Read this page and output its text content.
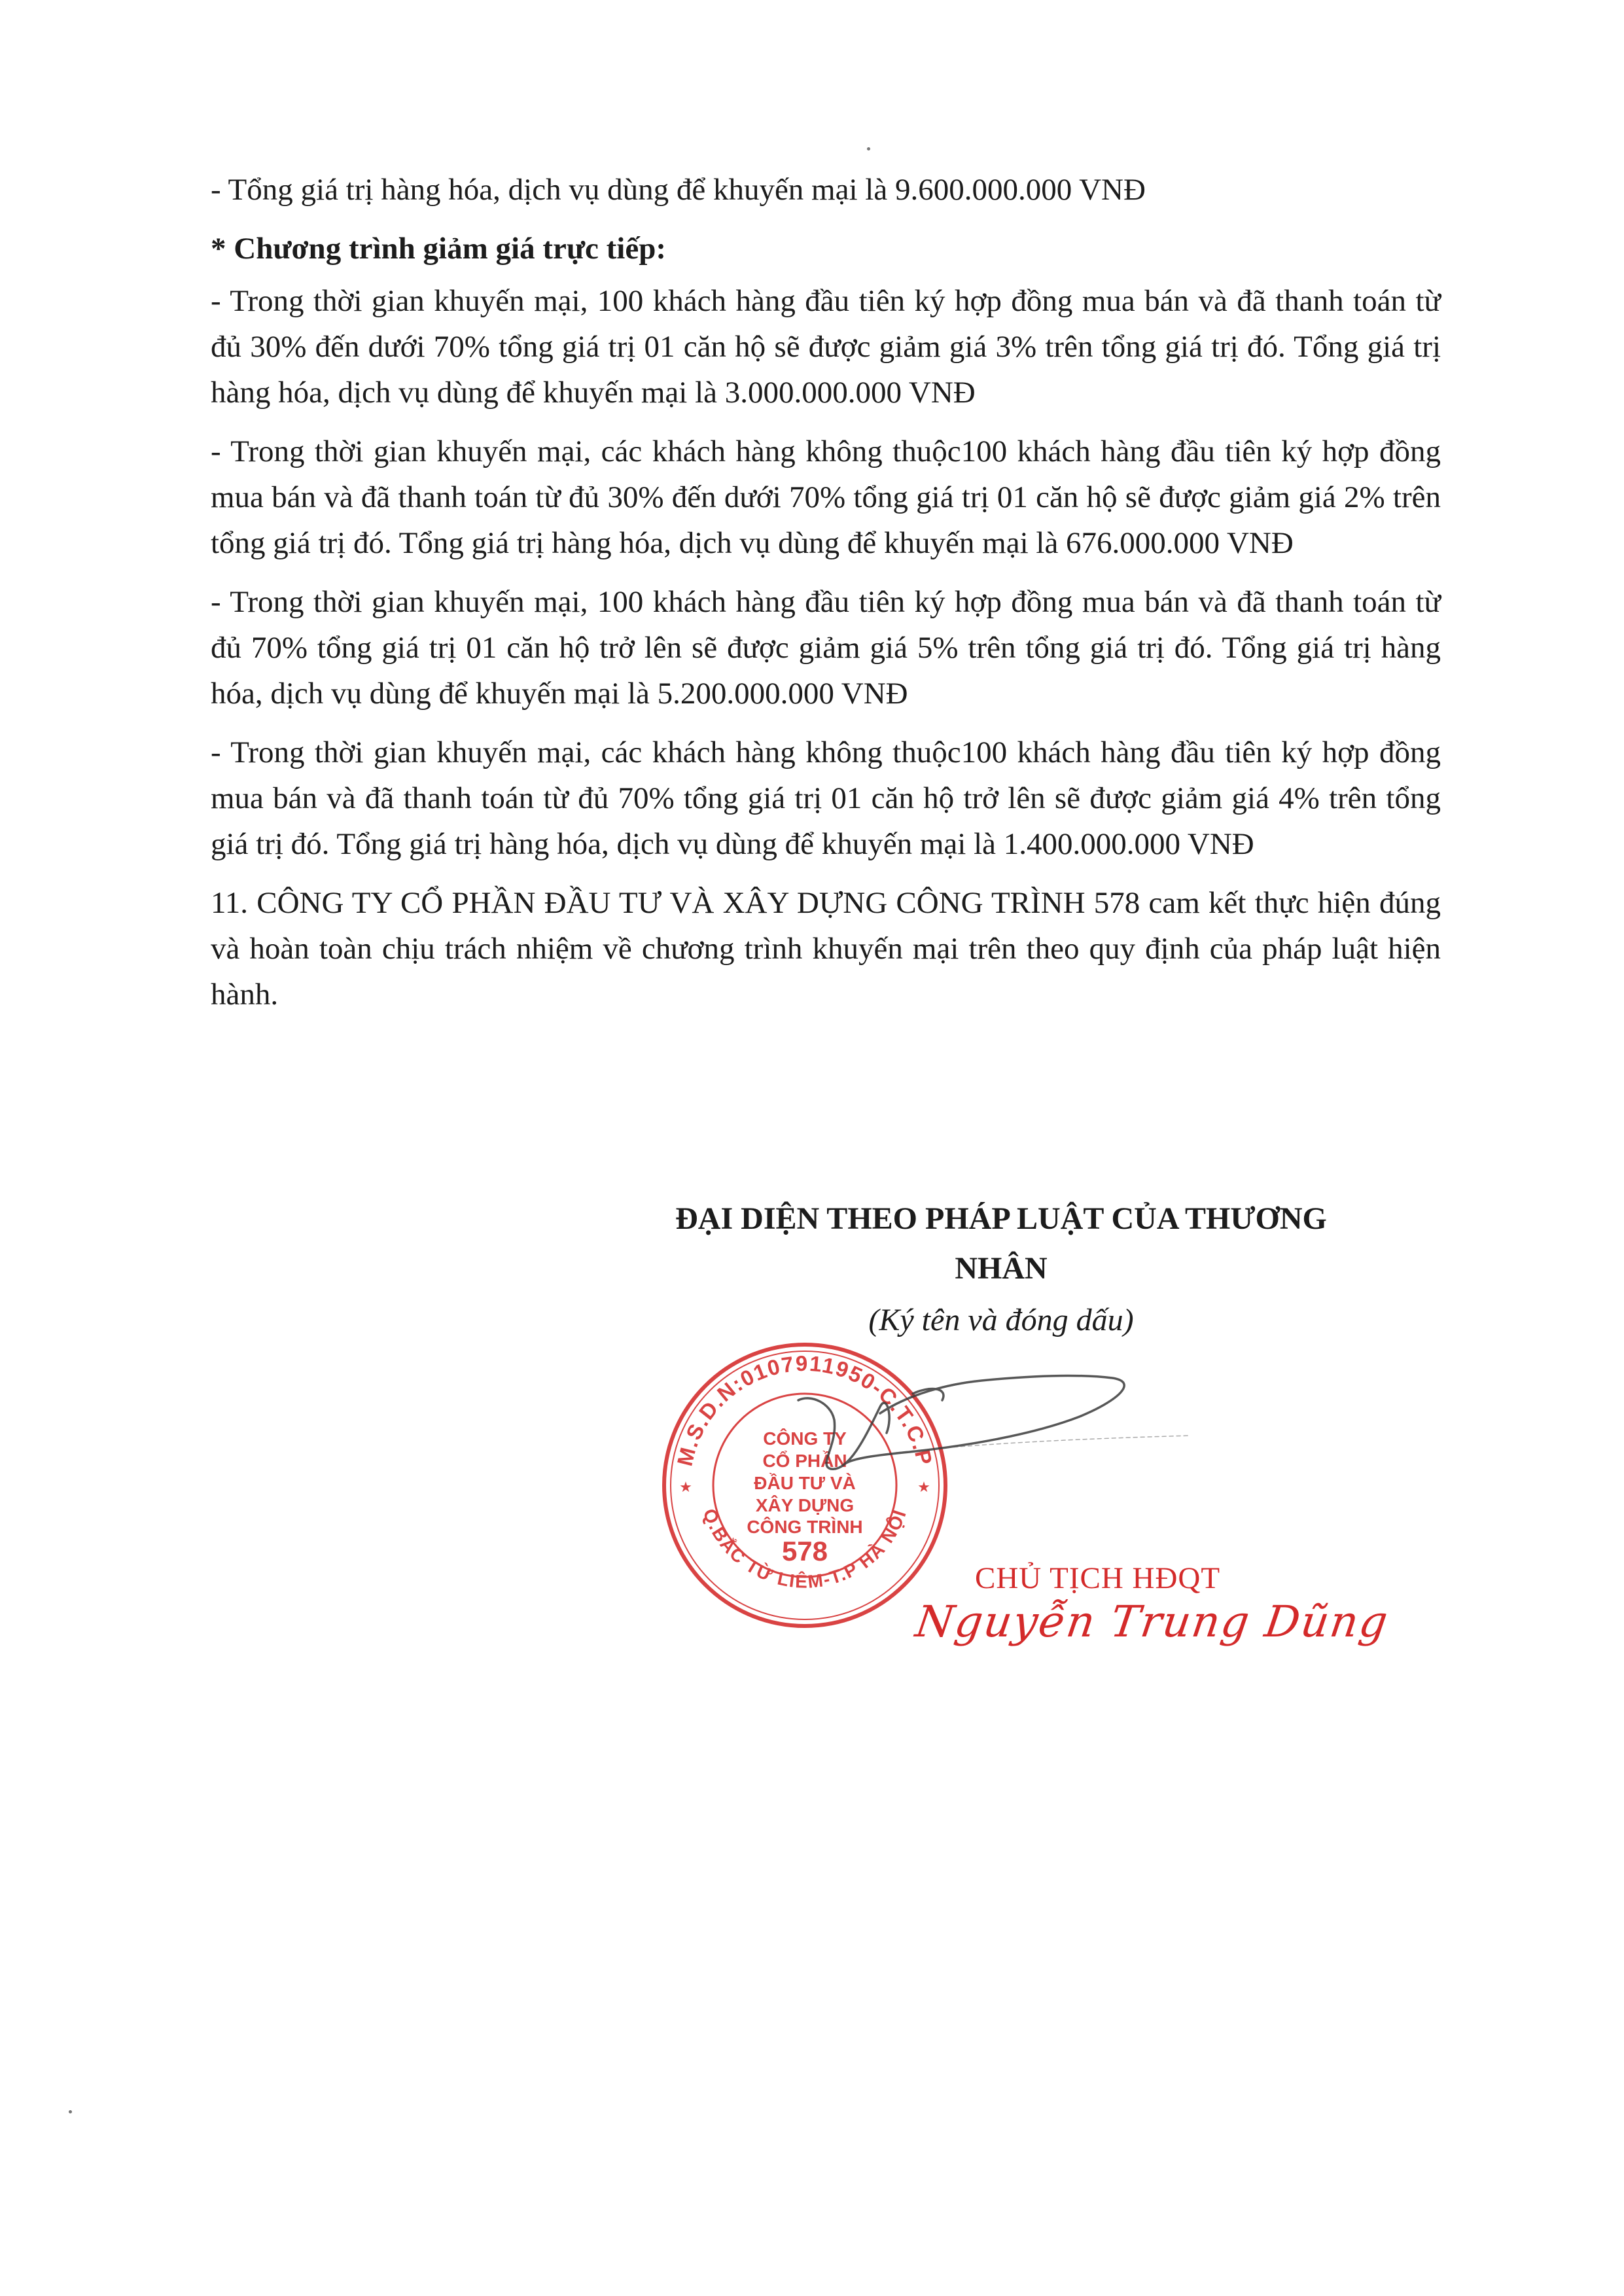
- Tổng giá trị hàng hóa, dịch vụ dùng để khuyến mại là 9.600.000.000 VNĐ

* Chương trình giảm giá trực tiếp:

- Trong thời gian khuyến mại, 100 khách hàng đầu tiên ký hợp đồng mua bán và đã thanh toán từ đủ 30% đến dưới 70% tổng giá trị 01 căn hộ sẽ được giảm giá 3% trên tổng giá trị đó. Tổng giá trị hàng hóa, dịch vụ dùng để khuyến mại là 3.000.000.000 VNĐ

- Trong thời gian khuyến mại, các khách hàng không thuộc100 khách hàng đầu tiên ký hợp đồng mua bán và đã thanh toán từ đủ 30% đến dưới 70% tổng giá trị 01 căn hộ sẽ được giảm giá 2% trên tổng giá trị đó. Tổng giá trị hàng hóa, dịch vụ dùng để khuyến mại là 676.000.000 VNĐ

- Trong thời gian khuyến mại, 100 khách hàng đầu tiên ký hợp đồng mua bán và đã thanh toán từ đủ 70% tổng giá trị 01 căn hộ trở lên sẽ được giảm giá 5% trên tổng giá trị đó. Tổng giá trị hàng hóa, dịch vụ dùng để khuyến mại là 5.200.000.000 VNĐ

- Trong thời gian khuyến mại, các khách hàng không thuộc100 khách hàng đầu tiên ký hợp đồng mua bán và đã thanh toán từ đủ 70% tổng giá trị 01 căn hộ trở lên sẽ được giảm giá 4% trên tổng giá trị đó. Tổng giá trị hàng hóa, dịch vụ dùng để khuyến mại là 1.400.000.000 VNĐ

11. CÔNG TY CỔ PHẦN ĐẦU TƯ VÀ XÂY DỰNG CÔNG TRÌNH 578 cam kết thực hiện đúng và hoàn toàn chịu trách nhiệm về chương trình khuyến mại trên theo quy định của pháp luật hiện hành.

ĐẠI DIỆN THEO PHÁP LUẬT CỦA THƯƠNG

NHÂN

(Ký tên và đóng dấu)

M.S.D.N:0107911950-C.T.C.P
Q.BẮC TỪ LIÊM-T.P HÀ NỘI
CÔNG TY
CỔ PHẦN
ĐẦU TƯ VÀ
XÂY DỰNG
CÔNG TRÌNH
578
★	★
CHỦ TỊCH HĐQT
Nguyễn Trung Dũng
